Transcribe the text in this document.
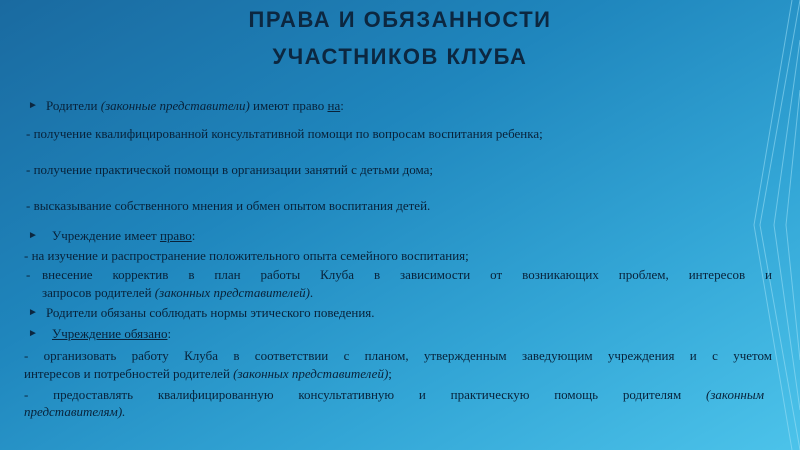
ПРАВА И ОБЯЗАННОСТИ
УЧАСТНИКОВ КЛУБА
► Родители (законные представители) имеют право на:
- получение квалифицированной консультативной помощи по вопросам воспитания ребенка;
- получение практической помощи в организации занятий с детьми дома;
- высказывание собственного мнения и обмен опытом воспитания детей.
► Учреждение имеет право:
- на изучение и распространение положительного опыта семейного воспитания;
- внесение корректив в план работы Клуба в зависимости от возникающих проблем, интересов и
запросов родителей (законных представителей).
► Родители обязаны соблюдать нормы этического поведения.
► Учреждение обязано:
- организовать работу Клуба в соответствии с планом, утвержденным заведующим учреждения и с учетом
интересов и потребностей родителей (законных представителей);
- предоставлять квалифицированную консультативную и практическую помощь родителям (законным
представителям).
